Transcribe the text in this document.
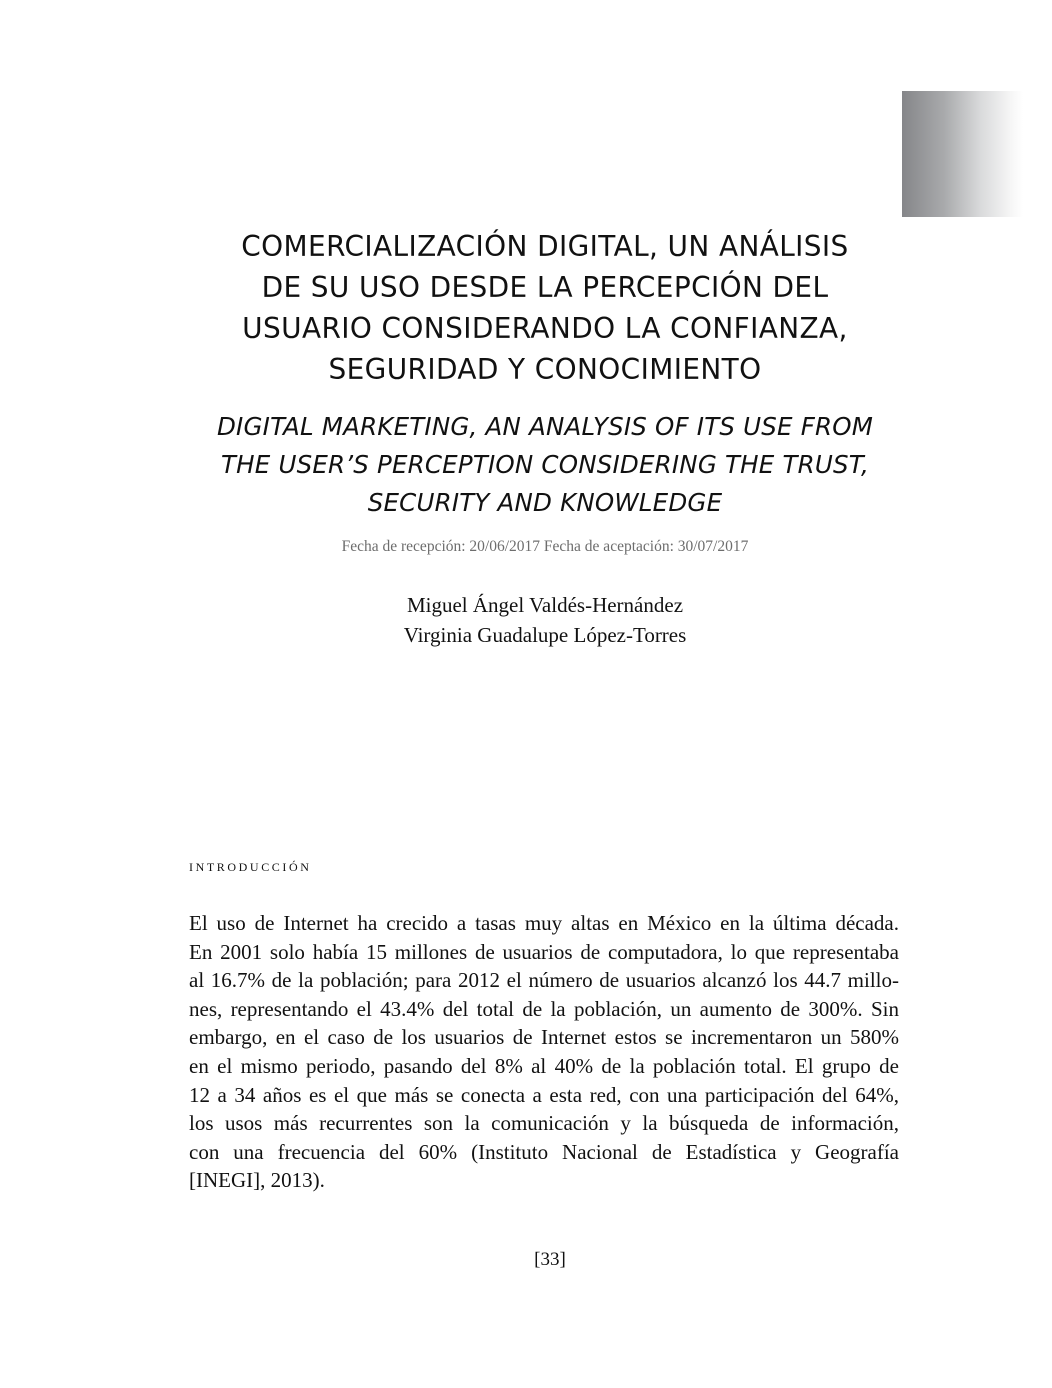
COMERCIALIZACIÓN DIGITAL, UN ANÁLISIS
DE SU USO DESDE LA PERCEPCIÓN DEL
USUARIO CONSIDERANDO LA CONFIANZA,
SEGURIDAD Y CONOCIMIENTO
DIGITAL MARKETING, AN ANALYSIS OF ITS USE FROM
THE USER’S PERCEPTION CONSIDERING THE TRUST,
SECURITY AND KNOWLEDGE
Fecha de recepción: 20/06/2017 Fecha de aceptación: 30/07/2017
Miguel Ángel Valdés-Hernández
Virginia Guadalupe López-Torres
introducción
El uso de Internet ha crecido a tasas muy altas en México en la última década.
En 2001 solo había 15 millones de usuarios de computadora, lo que representaba
al 16.7% de la población; para 2012 el número de usuarios alcanzó los 44.7 millo-
nes, representando el 43.4% del total de la población, un aumento de 300%. Sin
embargo, en el caso de los usuarios de Internet estos se incrementaron un 580%
en el mismo periodo, pasando del 8% al 40% de la población total. El grupo de
12 a 34 años es el que más se conecta a esta red, con una participación del 64%,
los usos más recurrentes son la comunicación y la búsqueda de información,
con una frecuencia del 60% (Instituto Nacional de Estadística y Geografía
[INEGI], 2013).
[33]
